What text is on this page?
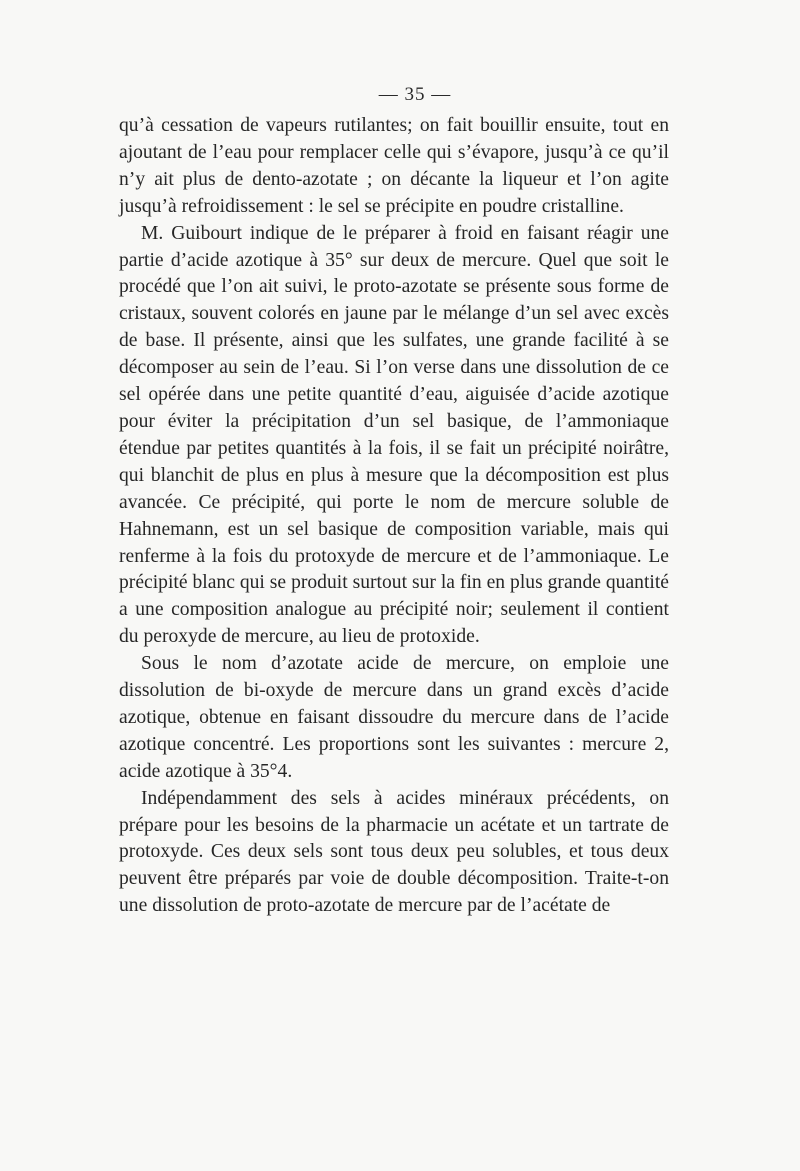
— 35 —

qu’à cessation de vapeurs rutilantes; on fait bouillir ensuite, tout en ajoutant de l’eau pour remplacer celle qui s’évapore, jusqu’à ce qu’il n’y ait plus de dento-azotate ; on décante la liqueur et l’on agite jusqu’à refroidissement : le sel se précipite en poudre cristalline.

M. Guibourt indique de le préparer à froid en faisant réagir une partie d’acide azotique à 35° sur deux de mercure. Quel que soit le procédé que l’on ait suivi, le proto-azotate se présente sous forme de cristaux, souvent colorés en jaune par le mélange d’un sel avec excès de base. Il présente, ainsi que les sulfates, une grande facilité à se décomposer au sein de l’eau. Si l’on verse dans une dissolution de ce sel opérée dans une petite quantité d’eau, aiguisée d’acide azotique pour éviter la précipitation d’un sel basique, de l’ammoniaque étendue par petites quantités à la fois, il se fait un précipité noirâtre, qui blanchit de plus en plus à mesure que la décomposition est plus avancée. Ce précipité, qui porte le nom de mercure soluble de Hahnemann, est un sel basique de composition variable, mais qui renferme à la fois du protoxyde de mercure et de l’ammoniaque. Le précipité blanc qui se produit surtout sur la fin en plus grande quantité a une composition analogue au précipité noir; seulement il contient du peroxyde de mercure, au lieu de protoxide.

Sous le nom d’azotate acide de mercure, on emploie une dissolution de bi-oxyde de mercure dans un grand excès d’acide azotique, obtenue en faisant dissoudre du mercure dans de l’acide azotique concentré. Les proportions sont les suivantes : mercure 2, acide azotique à 35°4.

Indépendamment des sels à acides minéraux précédents, on prépare pour les besoins de la pharmacie un acétate et un tartrate de protoxyde. Ces deux sels sont tous deux peu solubles, et tous deux peuvent être préparés par voie de double décomposition. Traite-t-on une dissolution de proto-azotate de mercure par de l’acétate de
